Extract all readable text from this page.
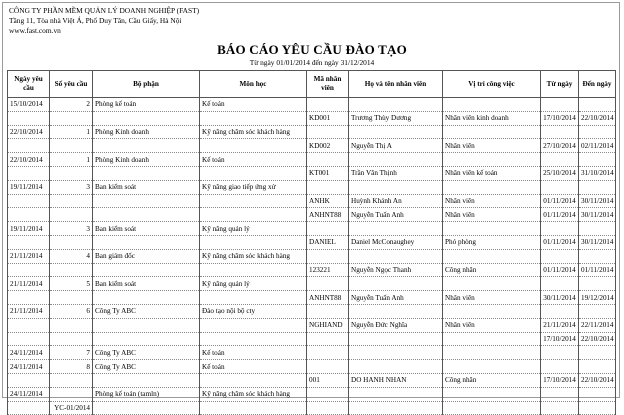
CÔNG TY PHẦN MỀM QUẢN LÝ DOANH NGHIỆP (FAST)
Tầng 11, Tòa nhà Việt Á, Phố Duy Tân, Cầu Giấy, Hà Nội
www.fast.com.vn
BÁO CÁO YÊU CẦU ĐÀO TẠO
Từ ngày 01/01/2014 đến ngày 31/12/2014
Ngày yêu cầu	Số yêu cầu	Bộ phận	Môn học	Mã nhân viên	Họ và tên nhân viên	Vị trí công việc	Từ ngày	Đến ngày
15/10/2014	2	Phòng kế toán	Kế toán					
				KD001	Trương Thùy Dương	Nhân viên kinh doanh	17/10/2014	22/10/2014
22/10/2014	1	Phòng Kinh doanh	Kỹ năng chăm sóc khách hàng					
				KD002	Nguyễn Thị A	Nhân viên	27/10/2014	02/11/2014
22/10/2014	1	Phòng Kinh doanh	Kế toán					
				KT001	Trần Văn Thịnh	Nhân viên kế toán	25/10/2014	31/10/2014
19/11/2014	3	Ban kiểm soát	Kỹ năng giao tiếp ứng xử					
				ANHK	Huỳnh Khánh An	Nhân viên	01/11/2014	30/11/2014
				ANHNT88	Nguyễn Tuấn Anh	Nhân viên	01/11/2014	30/11/2014
19/11/2014	3	Ban kiểm soát	Kỹ năng quản lý					
				DANIEL	Daniel McConaughey	Phó phòng	01/11/2014	30/11/2014
21/11/2014	4	Ban giám đốc	Kỹ năng chăm sóc khách hàng					
				123221	Nguyễn Ngọc Thanh	Công nhân	01/11/2014	01/11/2014
21/11/2014	5	Ban kiểm soát	Kỹ năng quản lý					
				ANHNT88	Nguyễn Tuấn Anh	Nhân viên	30/11/2014	19/12/2014
21/11/2014	6	Công Ty ABC	Đào tạo nội bộ cty					
				NGHIAND	Nguyễn Đức Nghĩa	Nhân viên	21/11/2014	22/11/2014
							17/10/2014	22/10/2014
24/11/2014	7	Công Ty ABC	Kế toán					
24/11/2014	8	Công Ty ABC	Kế toán					
				001	DO HANH NHAN	Công nhân	17/10/2014	22/10/2014
24/11/2014		Phòng kế toán (tamln)	Kỹ năng chăm sóc khách hàng					
	YC-01/2014							
